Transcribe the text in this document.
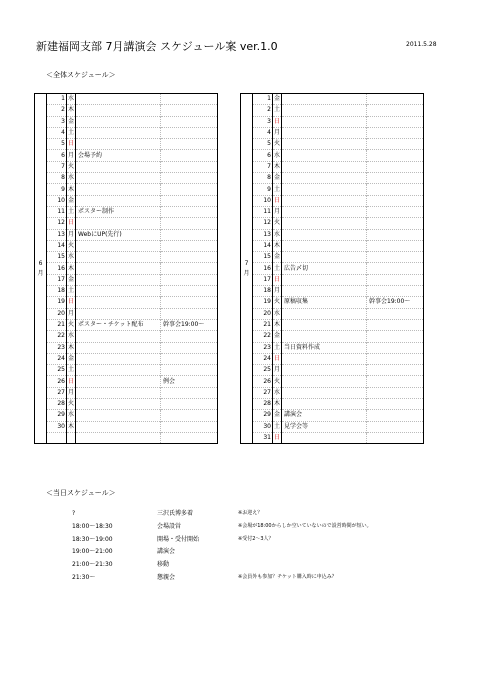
新建福岡支部 7月講演会 スケジュール案 ver.1.0	2011.5.28
＜全体スケジュール＞
6
月	1	水		
	2	木		
	3	金		
	4	土		
	5	日		
	6	月	会場予約	
	7	火		
	8	水		
	9	木		
	10	金		
	11	土	ポスター制作	
	12	日		
	13	月	WebにUP(先行)	
	14	火		
	15	水		
	16	木		
	17	金		
	18	土		
	19	日		
	20	月		
	21	火	ポスター・チケット配布	幹事会19:00～
	22	水		
	23	木		
	24	金		
	25	土		
	26	日		例会
	27	月		
	28	火		
	29	水		
	30	木		

7
月	1	金		
	2	土		
	3	日		
	4	月		
	5	火		
	6	水		
	7	木		
	8	金		
	9	土		
	10	日		
	11	月		
	12	火		
	13	水		
	14	木		
	15	金		
	16	土	広告〆切	
	17	日		
	18	月		
	19	火	原稿収集	幹事会19:00～
	20	水		
	21	木		
	22	金		
	23	土	当日資料作成	
	24	日		
	25	月		
	26	火		
	27	水		
	28	木		
	29	金	講演会	
	30	土	見学会等	
	31	日		
＜当日スケジュール＞
?	三沢氏博多着	※お迎え？
18:00～18:30	会場設営	※会場が18:00からしか空いていないので設営時間が短い。
18:30～19:00	開場・受付開始	※受付2～3人？
19:00～21:00	講演会
21:00～21:30	移動
21:30～	懇親会	※会員外も参加？チケット購入時に申込み？
